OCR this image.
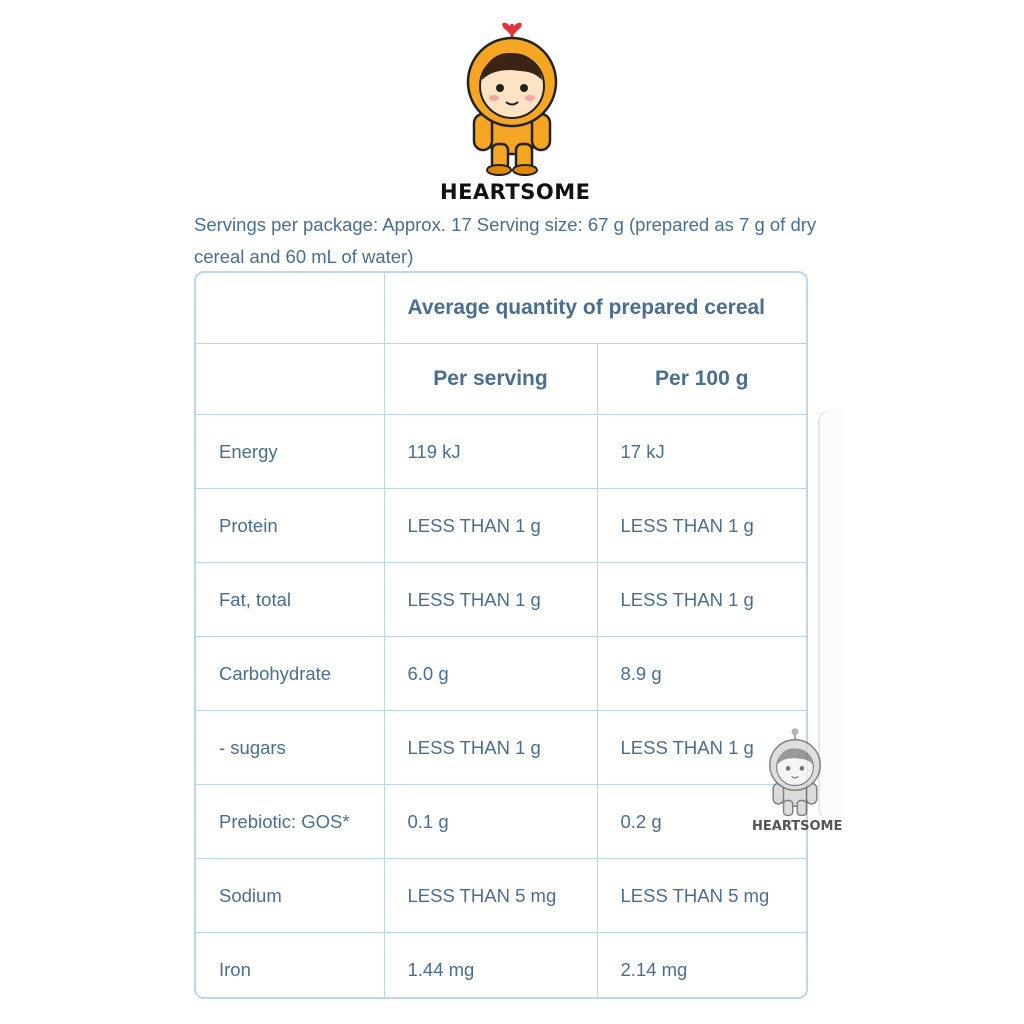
HEARTSOME
Servings per package: Approx. 17 Serving size: 67 g (prepared as 7 g of dry cereal and 60 mL of water)
	Average quantity of prepared cereal	
	Per serving	Per 100 g
Energy	119 kJ	17 kJ
Protein	LESS THAN 1 g	LESS THAN 1 g
Fat, total	LESS THAN 1 g	LESS THAN 1 g
Carbohydrate	6.0 g	8.9 g
- sugars	LESS THAN 1 g	LESS THAN 1 g
Prebiotic: GOS*	0.1 g	0.2 g
Sodium	LESS THAN 5 mg	LESS THAN 5 mg
Iron	1.44 mg	2.14 mg
HEARTSOME
